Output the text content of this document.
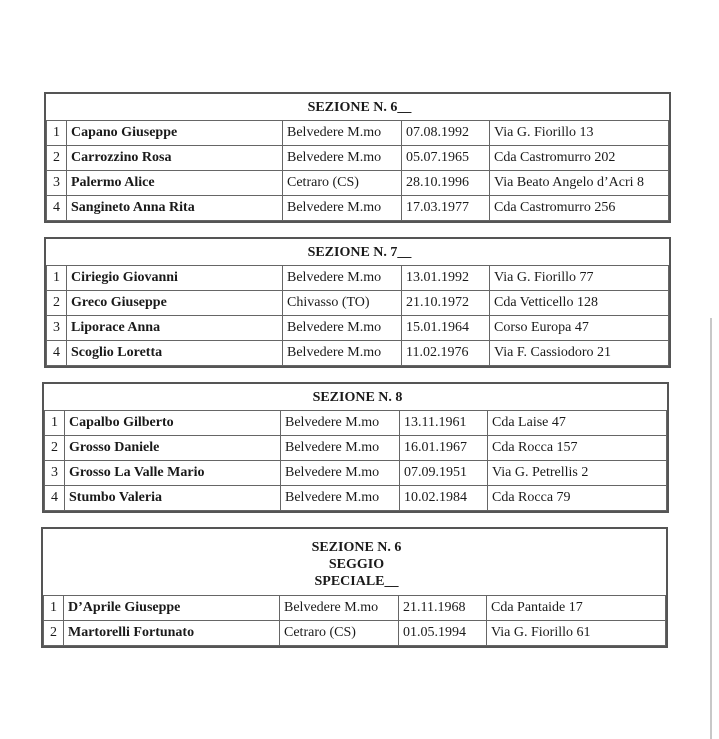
SEZIONE N. 6__				

1	Capano Giuseppe	Belvedere M.mo	07.08.1992	Via G. Fiorillo 13
2	Carrozzino Rosa	Belvedere M.mo	05.07.1965	Cda Castromurro 202
3	Palermo Alice	Cetraro (CS)	28.10.1996	Via Beato Angelo d’Acri 8
4	Sangineto Anna Rita	Belvedere M.mo	17.03.1977	Cda Castromurro 256
SEZIONE N. 7__				

1	Ciriegio Giovanni	Belvedere M.mo	13.01.1992	Via G. Fiorillo 77
2	Greco Giuseppe	Chivasso (TO)	21.10.1972	Cda Vetticello 128
3	Liporace Anna	Belvedere M.mo	15.01.1964	Corso Europa 47
4	Scoglio Loretta	Belvedere M.mo	11.02.1976	Via F. Cassiodoro 21
SEZIONE N. 8				

1	Capalbo Gilberto	Belvedere M.mo	13.11.1961	Cda Laise 47
2	Grosso Daniele	Belvedere M.mo	16.01.1967	Cda Rocca 157
3	Grosso La Valle Mario	Belvedere M.mo	07.09.1951	Via G. Petrellis 2
4	Stumbo Valeria	Belvedere M.mo	10.02.1984	Cda Rocca 79
SEZIONE N. 6
SEGGIO
SPECIALE__				

1	D’Aprile Giuseppe	Belvedere M.mo	21.11.1968	Cda Pantaide 17
2	Martorelli Fortunato	Cetraro (CS)	01.05.1994	Via G. Fiorillo 61
